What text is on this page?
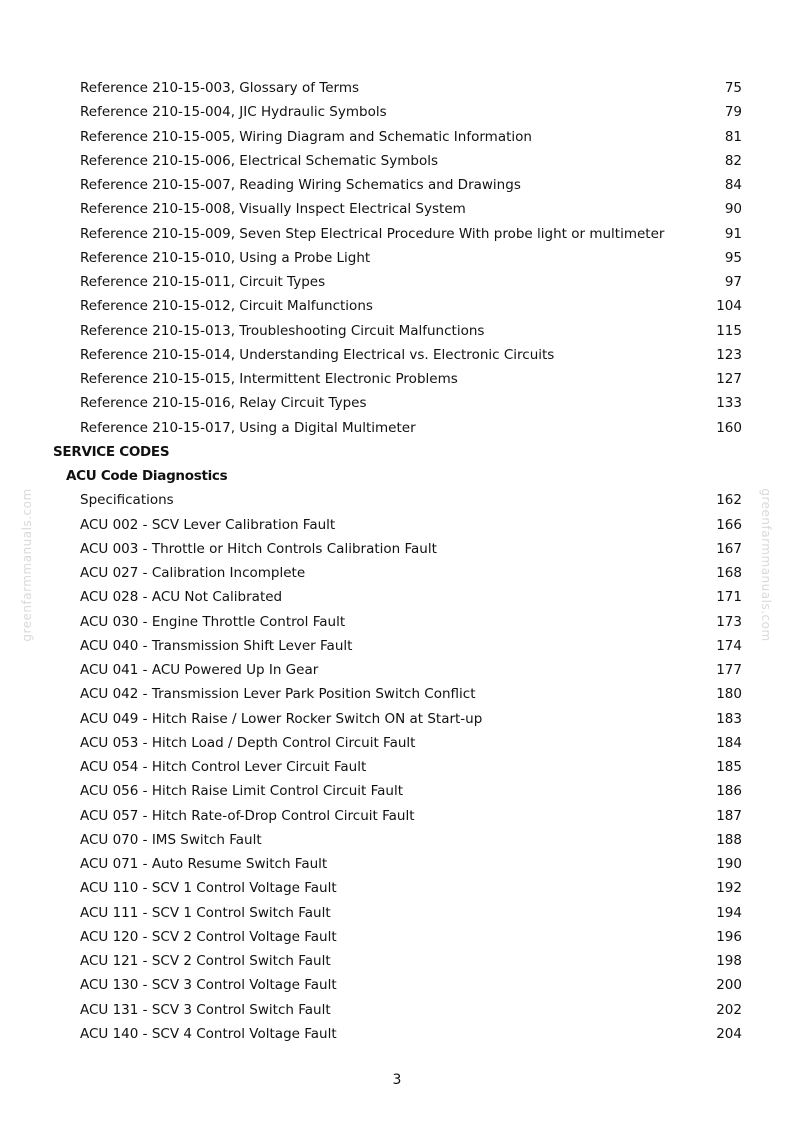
greenfarmmanuals.com	greenfarmmanuals.com
Reference 210-15-003, Glossary of Terms	75
Reference 210-15-004, JIC Hydraulic Symbols	79
Reference 210-15-005, Wiring Diagram and Schematic Information	81
Reference 210-15-006, Electrical Schematic Symbols	82
Reference 210-15-007, Reading Wiring Schematics and Drawings	84
Reference 210-15-008, Visually Inspect Electrical System	90
Reference 210-15-009, Seven Step Electrical Procedure With probe light or multimeter	91
Reference 210-15-010, Using a Probe Light	95
Reference 210-15-011, Circuit Types	97
Reference 210-15-012, Circuit Malfunctions	104
Reference 210-15-013, Troubleshooting Circuit Malfunctions	115
Reference 210-15-014, Understanding Electrical vs. Electronic Circuits	123
Reference 210-15-015, Intermittent Electronic Problems	127
Reference 210-15-016, Relay Circuit Types	133
Reference 210-15-017, Using a Digital Multimeter	160
SERVICE CODES
ACU Code Diagnostics
Specifications	162
ACU 002 - SCV Lever Calibration Fault	166
ACU 003 - Throttle or Hitch Controls Calibration Fault	167
ACU 027 - Calibration Incomplete	168
ACU 028 - ACU Not Calibrated	171
ACU 030 - Engine Throttle Control Fault	173
ACU 040 - Transmission Shift Lever Fault	174
ACU 041 - ACU Powered Up In Gear	177
ACU 042 - Transmission Lever Park Position Switch Conflict	180
ACU 049 - Hitch Raise / Lower Rocker Switch ON at Start-up	183
ACU 053 - Hitch Load / Depth Control Circuit Fault	184
ACU 054 - Hitch Control Lever Circuit Fault	185
ACU 056 - Hitch Raise Limit Control Circuit Fault	186
ACU 057 - Hitch Rate-of-Drop Control Circuit Fault	187
ACU 070 - IMS Switch Fault	188
ACU 071 - Auto Resume Switch Fault	190
ACU 110 - SCV 1 Control Voltage Fault	192
ACU 111 - SCV 1 Control Switch Fault	194
ACU 120 - SCV 2 Control Voltage Fault	196
ACU 121 - SCV 2 Control Switch Fault	198
ACU 130 - SCV 3 Control Voltage Fault	200
ACU 131 - SCV 3 Control Switch Fault	202
ACU 140 - SCV 4 Control Voltage Fault	204
3
